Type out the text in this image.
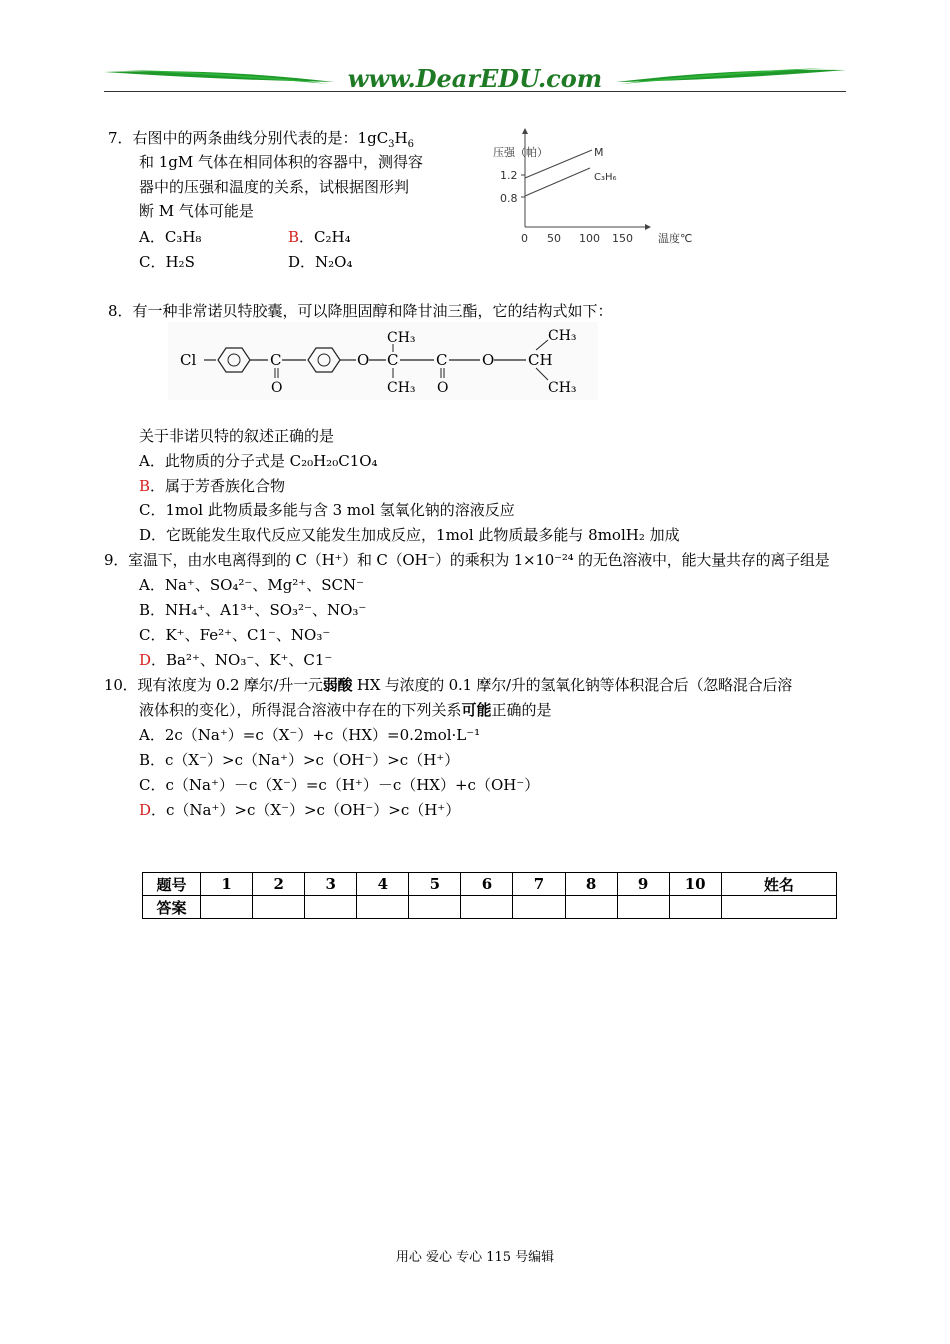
www.DearEDU.com
7．右图中的两条曲线分别代表的是：$1gC_3H_6$
和 1gM 气体在相同体积的容器中，测得容
器中的压强和温度的关系，试根据图形判
断 M 气体可能是
A．C₃H₈	B．C₂H₄
C．H₂S	D．N₂O₄
压强（帕）
温度℃
1.2
0.8
0 50 100 150
M
C₃H₆
8．有一种非常诺贝特胶囊，可以降胆固醇和降甘油三酯，它的结构式如下：
Cl	C
O
O C
CH₃
CH₃
C
O
O CH
CH₃
CH₃
关于非诺贝特的叙述正确的是
A．此物质的分子式是 C₂₀H₂₀C1O₄
B．属于芳香族化合物
C．1mol 此物质最多能与含 3 mol 氢氧化钠的溶液反应
D．它既能发生取代反应又能发生加成反应，1mol 此物质最多能与 8molH₂ 加成
9．室温下，由水电离得到的 C（H⁺）和 C（OH⁻）的乘积为 1×10⁻²⁴ 的无色溶液中，能大量共存的离子组是
A．Na⁺、SO₄²⁻、Mg²⁺、SCN⁻
B．NH₄⁺、A1³⁺、SO₃²⁻、NO₃⁻
C．K⁺、Fe²⁺、C1⁻、NO₃⁻
D．Ba²⁺、NO₃⁻、K⁺、C1⁻
10．现有浓度为 0.2 摩尔/升一元弱酸 HX 与浓度的 0.1 摩尔/升的氢氧化钠等体积混合后（忽略混合后溶
液体积的变化），所得混合溶液中存在的下列关系可能正确的是
A．2c（Na⁺）=c（X⁻）+c（HX）=0.2mol·L⁻¹
B．c（X⁻）>c（Na⁺）>c（OH⁻）>c（H⁺）
C．c（Na⁺）－c（X⁻）=c（H⁺）－c（HX）+c（OH⁻）
D．c（Na⁺）>c（X⁻）>c（OH⁻）>c（H⁺）
题号	1	2	3	4	5	6	7	8	9	10	姓名
答案											
用心 爱心 专心 115 号编辑
